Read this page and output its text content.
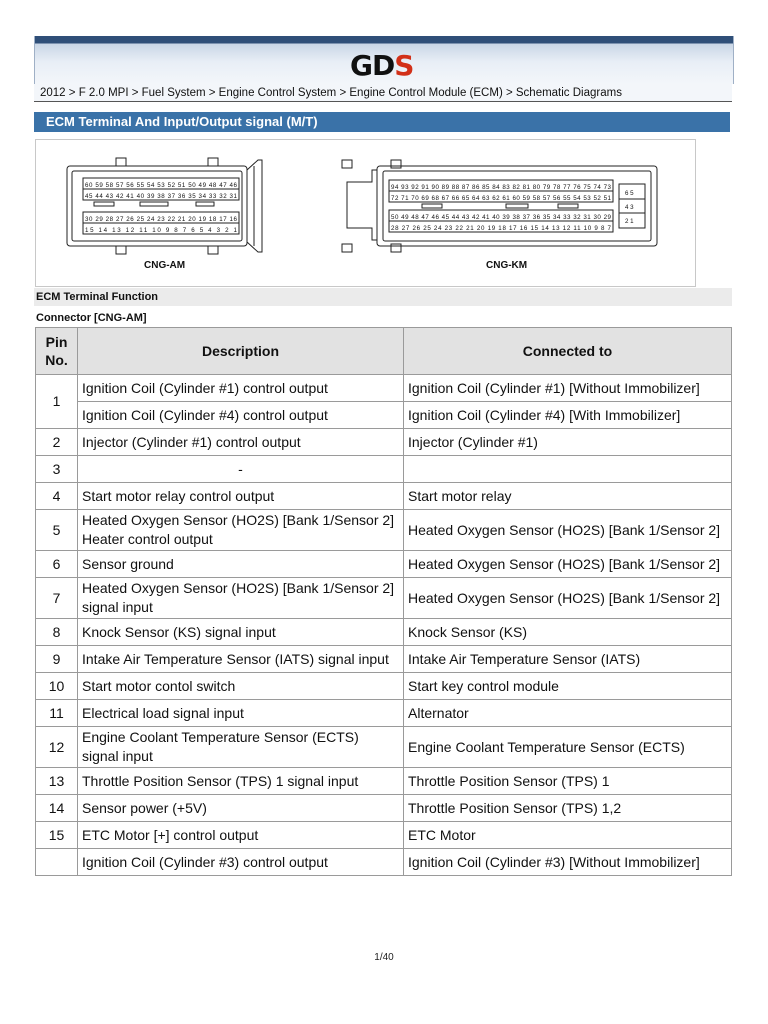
GDS
2012 > F 2.0 MPI > Fuel System > Engine Control System > Engine Control Module (ECM) > Schematic Diagrams
ECM Terminal And Input/Output signal (M/T)
60 59 58 57 56 55 54 53 52 51 50 49 48 47 46
45 44 43 42 41 40 39 38 37 36 35 34 33 32 31
30 29 28 27 26 25 24 23 22 21 20 19 18 17 16
15 14 13 12 11 10 9 8 7 6 5 4 3 2 1
94 93 92 91 90 89 88 87 86 85 84 83 82 81 80 79 78 77 76 75 74 73
72 71 70 69 68 67 66 65 64 63 62 61 60 59 58 57 56 55 54 53 52 51
50 49 48 47 46 45 44 43 42 41 40 39 38 37 36 35 34 33 32 31 30 29
28 27 26 25 24 23 22 21 20 19 18 17 16 15 14 13 12 11 10 9 8 7
6 5
4 3
2 1
CNG-AM	CNG-KM
ECM Terminal Function
Connector [CNG-AM]
Pin No.	Description	Connected to
1	Ignition Coil (Cylinder #1) control output	Ignition Coil (Cylinder #1) [Without Immobilizer]
	Ignition Coil (Cylinder #4) control output	Ignition Coil (Cylinder #4) [With Immobilizer]
2	Injector (Cylinder #1) control output	Injector (Cylinder #1)
3	-	
4	Start motor relay control output	Start motor relay
5	Heated Oxygen Sensor (HO2S) [Bank 1/Sensor 2] Heater control output	Heated Oxygen Sensor (HO2S) [Bank 1/Sensor 2]
6	Sensor ground	Heated Oxygen Sensor (HO2S) [Bank 1/Sensor 2]
7	Heated Oxygen Sensor (HO2S) [Bank 1/Sensor 2] signal input	Heated Oxygen Sensor (HO2S) [Bank 1/Sensor 2]
8	Knock Sensor (KS) signal input	Knock Sensor (KS)
9	Intake Air Temperature Sensor (IATS) signal input	Intake Air Temperature Sensor (IATS)
10	Start motor contol switch	Start key control module
11	Electrical load signal input	Alternator
12	Engine Coolant Temperature Sensor (ECTS) signal input	Engine Coolant Temperature Sensor (ECTS)
13	Throttle Position Sensor (TPS) 1 signal input	Throttle Position Sensor (TPS) 1
14	Sensor power (+5V)	Throttle Position Sensor (TPS) 1,2
15	ETC Motor [+] control output	ETC Motor
	Ignition Coil (Cylinder #3) control output	Ignition Coil (Cylinder #3) [Without Immobilizer]
1/40
